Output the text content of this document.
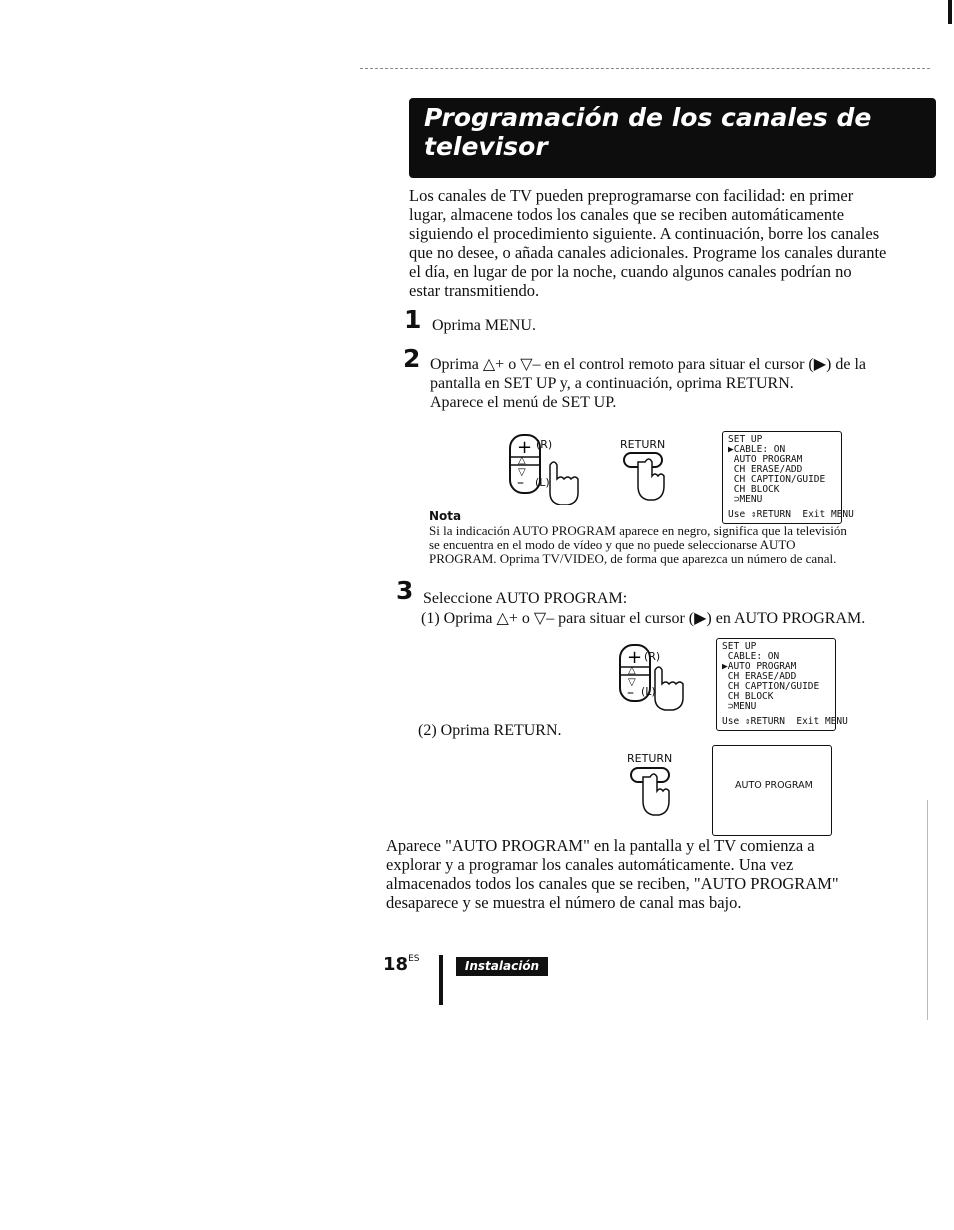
Programación de los canales de
televisor
Los canales de TV pueden preprogramarse con facilidad: en primer
lugar, almacene todos los canales que se reciben automáticamente
siguiendo el procedimiento siguiente. A continuación, borre los canales
que no desee, o añada canales adicionales. Programe los canales durante
el día, en lugar de por la noche, cuando algunos canales podrían no
estar transmitiendo.
1 Oprima MENU.
2 Oprima △+ o ▽– en el control remoto para situar el cursor (▶) de la
pantalla en SET UP y, a continuación, oprima RETURN.
Aparece el menú de SET UP.
+
△
▽
–
(R)
(L)
RETURN	SET UP
▶CABLE: ON
AUTO PROGRAM
CH ERASE/ADD
CH CAPTION/GUIDE
CH BLOCK
⊃MENU
Use ⇕RETURN  Exit MENU
Nota
Si la indicación AUTO PROGRAM aparece en negro, significa que la televisión
se encuentra en el modo de vídeo y que no puede seleccionarse AUTO
PROGRAM. Oprima TV/VIDEO, de forma que aparezca un número de canal.
3 Seleccione AUTO PROGRAM:
(1) Oprima △+ o ▽– para situar el cursor (▶) en AUTO PROGRAM.
+
△
▽
–
(R)
(L)
SET UP
CABLE: ON
▶AUTO PROGRAM
CH ERASE/ADD
CH CAPTION/GUIDE
CH BLOCK
⊃MENU
Use ⇕RETURN  Exit MENU
(2) Oprima RETURN.
RETURN
AUTO PROGRAM
Aparece "AUTO PROGRAM" en la pantalla y el TV comienza a
explorar y a programar los canales automáticamente. Una vez
almacenados todos los canales que se reciben, "AUTO PROGRAM"
desaparece y se muestra el número de canal mas bajo.
$18^{ES}$	Instalación
